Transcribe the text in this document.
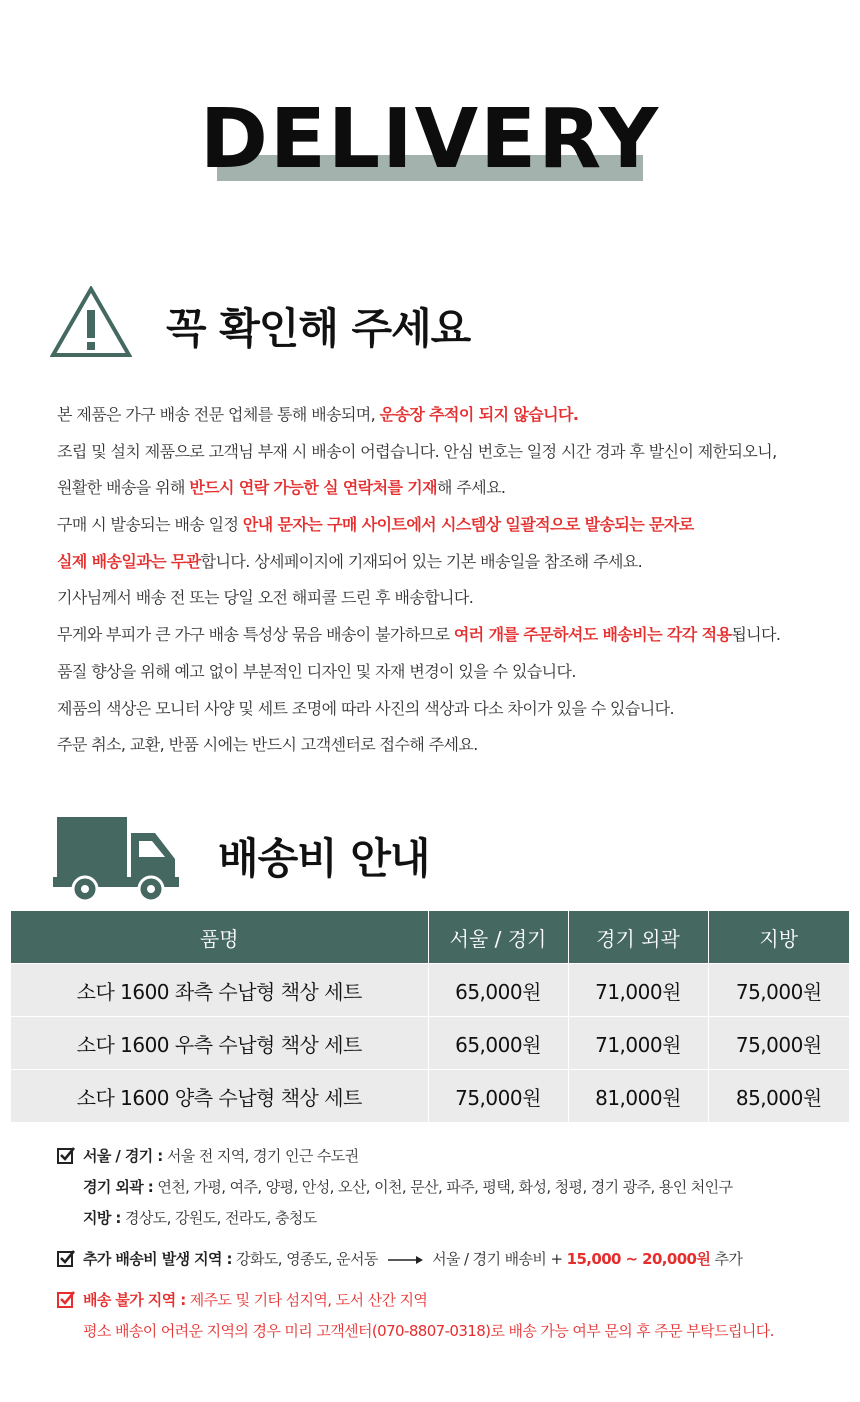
DELIVERY
꼭 확인해 주세요
본 제품은 가구 배송 전문 업체를 통해 배송되며, 운송장 추적이 되지 않습니다.
조립 및 설치 제품으로 고객님 부재 시 배송이 어렵습니다. 안심 번호는 일정 시간 경과 후 발신이 제한되오니,
원활한 배송을 위해 반드시 연락 가능한 실 연락처를 기재해 주세요.
구매 시 발송되는 배송 일정 안내 문자는 구매 사이트에서 시스템상 일괄적으로 발송되는 문자로
실제 배송일과는 무관합니다. 상세페이지에 기재되어 있는 기본 배송일을 참조해 주세요.
기사님께서 배송 전 또는 당일 오전 해피콜 드린 후 배송합니다.
무게와 부피가 큰 가구 배송 특성상 묶음 배송이 불가하므로 여러 개를 주문하셔도 배송비는 각각 적용됩니다.
품질 향상을 위해 예고 없이 부분적인 디자인 및 자재 변경이 있을 수 있습니다.
제품의 색상은 모니터 사양 및 세트 조명에 따라 사진의 색상과 다소 차이가 있을 수 있습니다.
주문 취소, 교환, 반품 시에는 반드시 고객센터로 접수해 주세요.
배송비 안내
품명	서울 / 경기	경기 외곽	지방
소다 1600 좌측 수납형 책상 세트	65,000원	71,000원	75,000원
소다 1600 우측 수납형 책상 세트	65,000원	71,000원	75,000원
소다 1600 양측 수납형 책상 세트	75,000원	81,000원	85,000원
서울 / 경기 : 서울 전 지역, 경기 인근 수도권
경기 외곽 : 연천, 가평, 여주, 양평, 안성, 오산, 이천, 문산, 파주, 평택, 화성, 청평, 경기 광주, 용인 처인구
지방 : 경상도, 강원도, 전라도, 충청도
추가 배송비 발생 지역 : 강화도, 영종도, 운서동	서울 / 경기 배송비 + 15,000 ~ 20,000원 추가
배송 불가 지역 : 제주도 및 기타 섬지역, 도서 산간 지역
평소 배송이 어려운 지역의 경우 미리 고객센터(070-8807-0318)로 배송 가능 여부 문의 후 주문 부탁드립니다.
